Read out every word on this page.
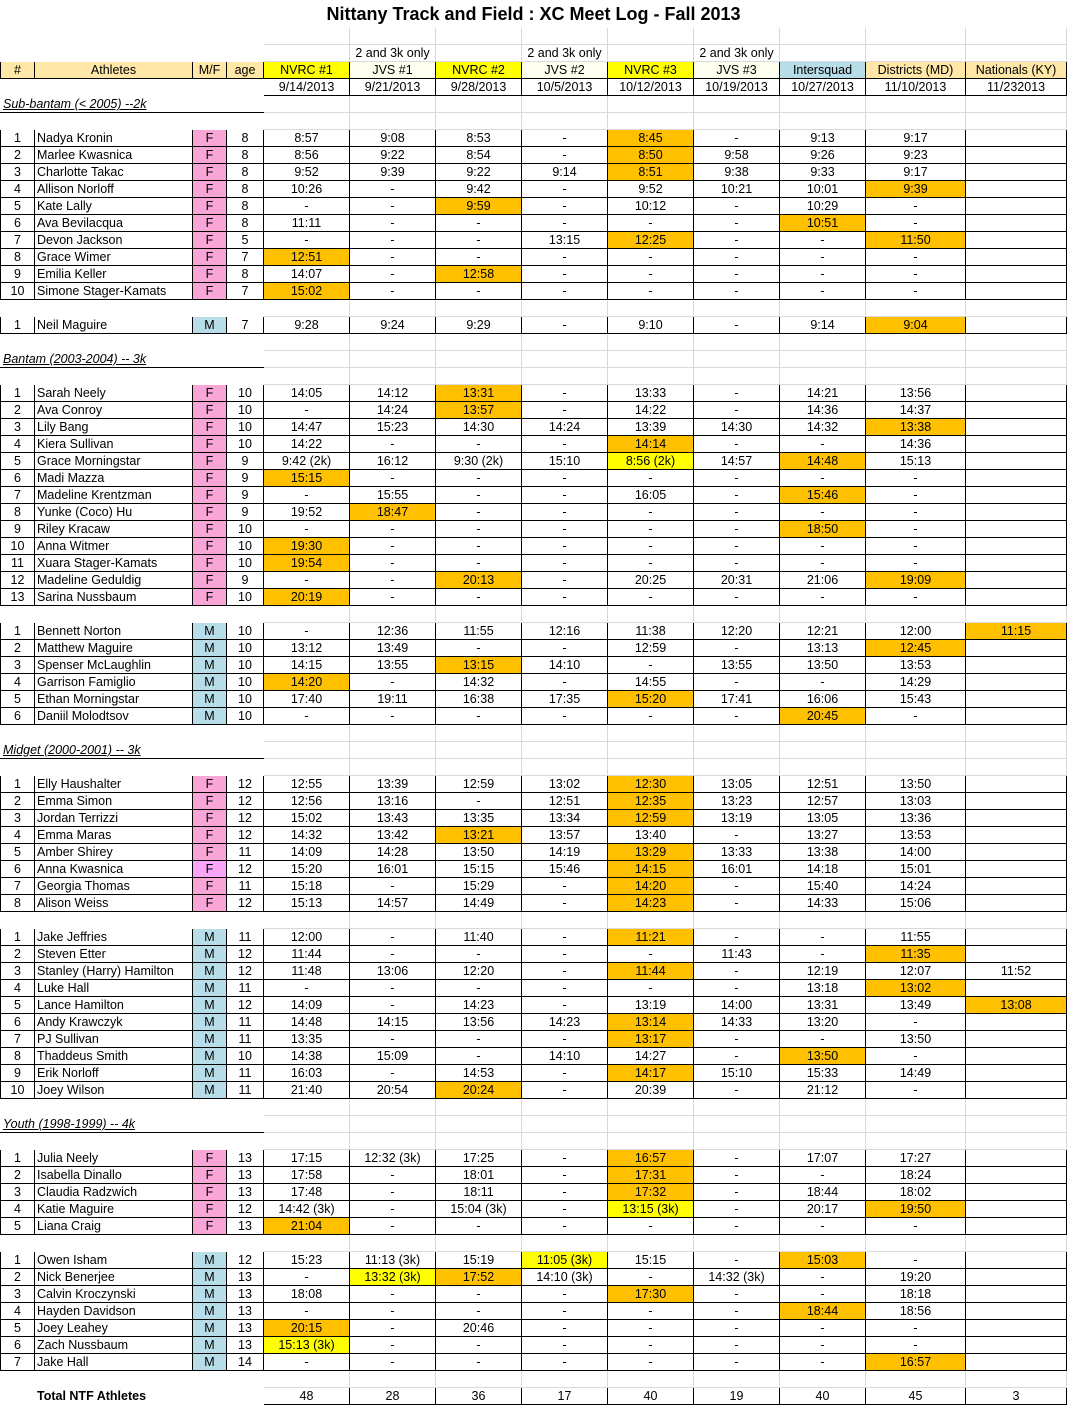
Nittany Track and Field : XC Meet Log - Fall 2013												

					2 and 3k only		2 and 3k only		2 and 3k only			
#	Athletes	M/F	age	NVRC #1	JVS #1	NVRC #2	JVS #2	NVRC #3	JVS #3	Intersquad	Districts (MD)	Nationals (KY)
				9/14/2013	9/21/2013	9/28/2013	10/5/2013	10/12/2013	10/19/2013	10/27/2013	11/10/2013	11/232013
Sub-bantam (< 2005) --2k												

1	Nadya Kronin	F	8	8:57	9:08	8:53	-	8:45	-	9:13	9:17	
2	Marlee Kwasnica	F	8	8:56	9:22	8:54	-	8:50	9:58	9:26	9:23	
3	Charlotte Takac	F	8	9:52	9:39	9:22	9:14	8:51	9:38	9:33	9:17	
4	Allison Norloff	F	8	10:26	-	9:42	-	9:52	10:21	10:01	9:39	
5	Kate Lally	F	8	-	-	9:59	-	10:12	-	10:29	-	
6	Ava Bevilacqua	F	8	11:11	-	-	-	-	-	10:51	-	
7	Devon Jackson	F	5	-	-	-	13:15	12:25	-	-	11:50	
8	Grace Wimer	F	7	12:51	-	-	-	-	-	-	-	
9	Emilia Keller	F	8	14:07	-	12:58	-	-	-	-	-	
10	Simone Stager-Kamats	F	7	15:02	-	-	-	-	-	-	-	

1	Neil Maguire	M	7	9:28	9:24	9:29	-	9:10	-	9:14	9:04	

Bantam (2003-2004) -- 3k												

1	Sarah Neely	F	10	14:05	14:12	13:31	-	13:33	-	14:21	13:56	
2	Ava Conroy	F	10	-	14:24	13:57	-	14:22	-	14:36	14:37	
3	Lily Bang	F	10	14:47	15:23	14:30	14:24	13:39	14:30	14:32	13:38	
4	Kiera Sullivan	F	10	14:22	-	-	-	14:14	-	-	14:36	
5	Grace Morningstar	F	9	9:42 (2k)	16:12	9:30 (2k)	15:10	8:56 (2k)	14:57	14:48	15:13	
6	Madi Mazza	F	9	15:15	-	-	-	-	-	-	-	
7	Madeline Krentzman	F	9	-	15:55	-	-	16:05	-	15:46	-	
8	Yunke (Coco) Hu	F	9	19:52	18:47	-	-	-	-	-	-	
9	Riley Kracaw	F	10	-	-	-	-	-	-	18:50	-	
10	Anna Witmer	F	10	19:30	-	-	-	-	-	-	-	
11	Xuara Stager-Kamats	F	10	19:54	-	-	-	-	-	-	-	
12	Madeline Geduldig	F	9	-	-	20:13	-	20:25	20:31	21:06	19:09	
13	Sarina Nussbaum	F	10	20:19	-	-	-	-	-	-	-	

1	Bennett Norton	M	10	-	12:36	11:55	12:16	11:38	12:20	12:21	12:00	11:15
2	Matthew Maguire	M	10	13:12	13:49	-	-	12:59	-	13:13	12:45	
3	Spenser McLaughlin	M	10	14:15	13:55	13:15	14:10	-	13:55	13:50	13:53	
4	Garrison Famiglio	M	10	14:20	-	14:32	-	14:55	-	-	14:29	
5	Ethan Morningstar	M	10	17:40	19:11	16:38	17:35	15:20	17:41	16:06	15:43	
6	Daniil Molodtsov	M	10	-	-	-	-	-	-	20:45	-	

Midget (2000-2001) -- 3k												

1	Elly Haushalter	F	12	12:55	13:39	12:59	13:02	12:30	13:05	12:51	13:50	
2	Emma Simon	F	12	12:56	13:16	-	12:51	12:35	13:23	12:57	13:03	
3	Jordan Terrizzi	F	12	15:02	13:43	13:35	13:34	12:59	13:19	13:05	13:36	
4	Emma Maras	F	12	14:32	13:42	13:21	13:57	13:40	-	13:27	13:53	
5	Amber Shirey	F	11	14:09	14:28	13:50	14:19	13:29	13:33	13:38	14:00	
6	Anna Kwasnica	F	12	15:20	16:01	15:15	15:46	14:15	16:01	14:18	15:01	
7	Georgia Thomas	F	11	15:18	-	15:29	-	14:20	-	15:40	14:24	
8	Alison Weiss	F	12	15:13	14:57	14:49	-	14:23	-	14:33	15:06	

1	Jake Jeffries	M	11	12:00	-	11:40	-	11:21	-	-	11:55	
2	Steven Etter	M	12	11:44	-	-	-	-	11:43	-	11:35	
3	Stanley (Harry) Hamilton	M	12	11:48	13:06	12:20	-	11:44	-	12:19	12:07	11:52
4	Luke Hall	M	11	-	-	-	-	-	-	13:18	13:02	
5	Lance Hamilton	M	12	14:09	-	14:23	-	13:19	14:00	13:31	13:49	13:08
6	Andy Krawczyk	M	11	14:48	14:15	13:56	14:23	13:14	14:33	13:20	-	
7	PJ Sullivan	M	11	13:35	-	-	-	13:17	-	-	13:50	
8	Thaddeus Smith	M	10	14:38	15:09	-	14:10	14:27	-	13:50	-	
9	Erik Norloff	M	11	16:03	-	14:53	-	14:17	15:10	15:33	14:49	
10	Joey Wilson	M	11	21:40	20:54	20:24	-	20:39	-	21:12	-	

Youth (1998-1999) -- 4k												

1	Julia Neely	F	13	17:15	12:32 (3k)	17:25	-	16:57	-	17:07	17:27	
2	Isabella Dinallo	F	13	17:58	-	18:01	-	17:31	-	-	18:24	
3	Claudia Radzwich	F	13	17:48	-	18:11	-	17:32	-	18:44	18:02	
4	Katie Maguire	F	12	14:42 (3k)	-	15:04 (3k)	-	13:15 (3k)	-	20:17	19:50	
5	Liana Craig	F	13	21:04	-	-	-	-	-	-	-	

1	Owen Isham	M	12	15:23	11:13 (3k)	15:19	11:05 (3k)	15:15	-	15:03	-	
2	Nick Benerjee	M	13	-	13:32 (3k)	17:52	14:10 (3k)	-	14:32 (3k)	-	19:20	
3	Calvin Kroczynski	M	13	18:08	-	-	-	17:30	-	-	18:18	
4	Hayden Davidson	M	13	-	-	-	-	-	-	18:44	18:56	
5	Joey Leahey	M	13	20:15	-	20:46	-	-	-	-	-	
6	Zach Nussbaum	M	13	15:13 (3k)	-	-	-	-	-	-	-	
7	Jake Hall	M	14	-	-	-	-	-	-	-	16:57	

	Total NTF Athletes			48	28	36	17	40	19	40	45	3
